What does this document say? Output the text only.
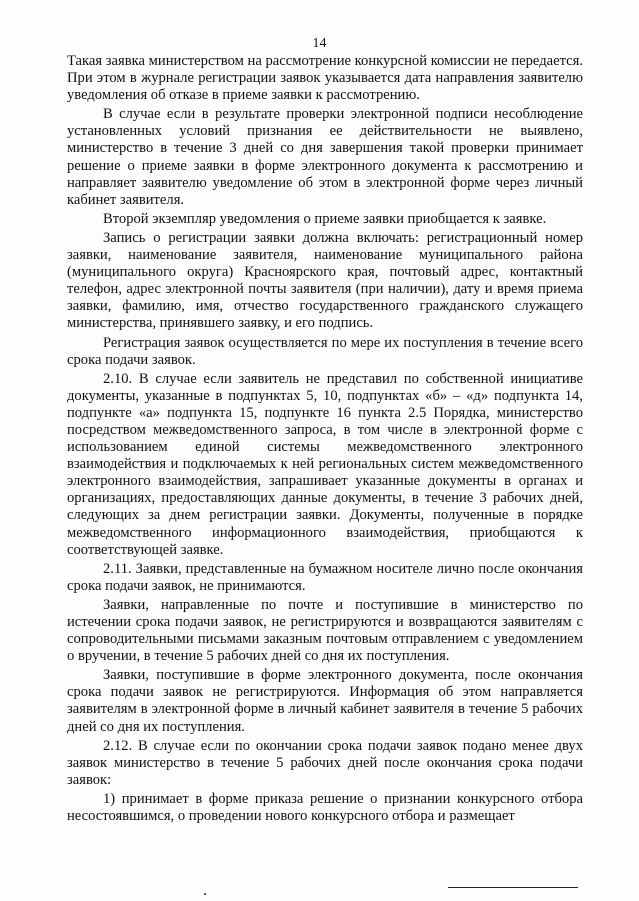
14

Такая заявка министерством на рассмотрение конкурсной комиссии не передается. При этом в журнале регистрации заявок указывается дата направления заявителю уведомления об отказе в приеме заявки к рассмотрению.

В случае если в результате проверки электронной подписи несоблюдение установленных условий признания ее действительности не выявлено, министерство в течение 3 дней со дня завершения такой проверки принимает решение о приеме заявки в форме электронного документа к рассмотрению и направляет заявителю уведомление об этом в электронной форме через личный кабинет заявителя.

Второй экземпляр уведомления о приеме заявки приобщается к заявке.

Запись о регистрации заявки должна включать: регистрационный номер заявки, наименование заявителя, наименование муниципального района (муниципального округа) Красноярского края, почтовый адрес, контактный телефон, адрес электронной почты заявителя (при наличии), дату и время приема заявки, фамилию, имя, отчество государственного гражданского служащего министерства, принявшего заявку, и его подпись.

Регистрация заявок осуществляется по мере их поступления в течение всего срока подачи заявок.

2.10. В случае если заявитель не представил по собственной инициативе документы, указанные в подпунктах 5, 10, подпунктах «б» – «д» подпункта 14, подпункте «а» подпункта 15, подпункте 16 пункта 2.5 Порядка, министерство посредством межведомственного запроса, в том числе в электронной форме с использованием единой системы межведомственного электронного взаимодействия и подключаемых к ней региональных систем межведомственного электронного взаимодействия, запрашивает указанные документы в органах и организациях, предоставляющих данные документы, в течение 3 рабочих дней, следующих за днем регистрации заявки. Документы, полученные в порядке межведомственного информационного взаимодействия, приобщаются к соответствующей заявке.

2.11. Заявки, представленные на бумажном носителе лично после окончания срока подачи заявок, не принимаются.

Заявки, направленные по почте и поступившие в министерство по истечении срока подачи заявок, не регистрируются и возвращаются заявителям с сопроводительными письмами заказным почтовым отправлением с уведомлением о вручении, в течение 5 рабочих дней со дня их поступления.

Заявки, поступившие в форме электронного документа, после окончания срока подачи заявок не регистрируются. Информация об этом направляется заявителям в электронной форме в личный кабинет заявителя в течение 5 рабочих дней со дня их поступления.

2.12. В случае если по окончании срока подачи заявок подано менее двух заявок министерство в течение 5 рабочих дней после окончания срока подачи заявок:

1) принимает в форме приказа решение о признании конкурсного отбора несостоявшимся, о проведении нового конкурсного отбора и размещает
